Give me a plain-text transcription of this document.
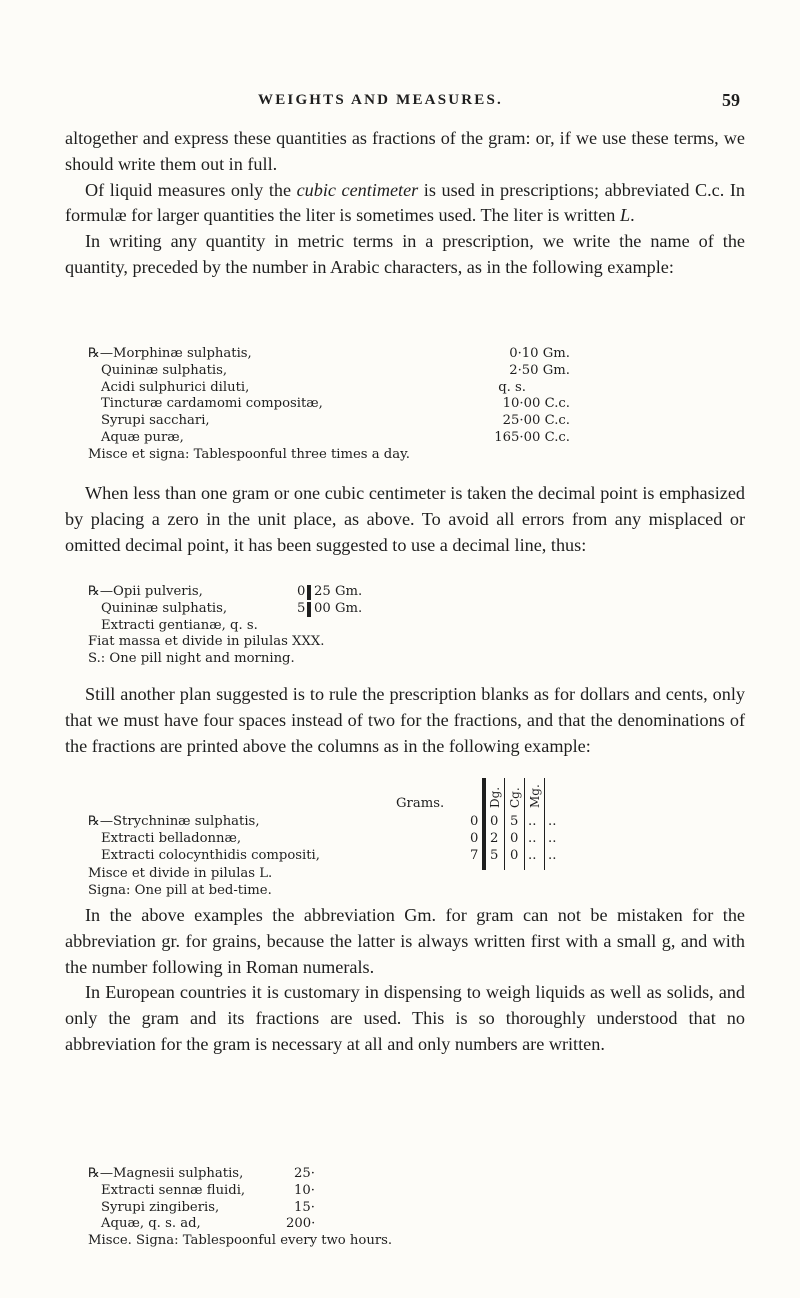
WEIGHTS AND MEASURES.	59

altogether and express these quantities as fractions of the gram: or, if we use these terms, we should write them out in full.

Of liquid measures only the cubic centimeter is used in prescriptions; abbreviated C.c. In formulæ for larger quantities the liter is sometimes used. The liter is written L.

In writing any quantity in metric terms in a prescription, we write the name of the quantity, preceded by the number in Arabic characters, as in the following example:

℞—Morphinæ sulphatis,	0·10 Gm.
Quininæ sulphatis,	2·50 Gm.
Acidi sulphurici diluti,	q. s.
Tincturæ cardamomi compositæ,	10·00 C.c.
Syrupi sacchari,	25·00 C.c.
Aquæ puræ,	165·00 C.c.
Misce et signa: Tablespoonful three times a day.

When less than one gram or one cubic centimeter is taken the decimal point is emphasized by placing a zero in the unit place, as above. To avoid all errors from any misplaced or omitted decimal point, it has been suggested to use a decimal line, thus:

℞—Opii pulveris,	0 25 Gm.
Quininæ sulphatis,	5 00 Gm.
Extracti gentianæ, q. s.
Fiat massa et divide in pilulas XXX.
S.: One pill night and morning.

Still another plan suggested is to rule the prescription blanks as for dollars and cents, only that we must have four spaces instead of two for the fractions, and that the denominations of the fractions are printed above the columns as in the following example:

Dg. Cg. Mg.
Grams.
℞—Strychninæ sulphatis,	0 0 5 .. ..
Extracti belladonnæ,	0 2 0 .. ..
Extracti colocynthidis compositi,	7 5 0 .. ..
Misce et divide in pilulas L.
Signa: One pill at bed-time.

In the above examples the abbreviation Gm. for gram can not be mistaken for the abbreviation gr. for grains, because the latter is always written first with a small g, and with the number following in Roman numerals.

In European countries it is customary in dispensing to weigh liquids as well as solids, and only the gram and its fractions are used. This is so thoroughly understood that no abbreviation for the gram is necessary at all and only numbers are written.

℞—Magnesii sulphatis,	25·
Extracti sennæ fluidi,	10·
Syrupi zingiberis,	15·
Aquæ, q. s. ad,	200·
Misce. Signa: Tablespoonful every two hours.
